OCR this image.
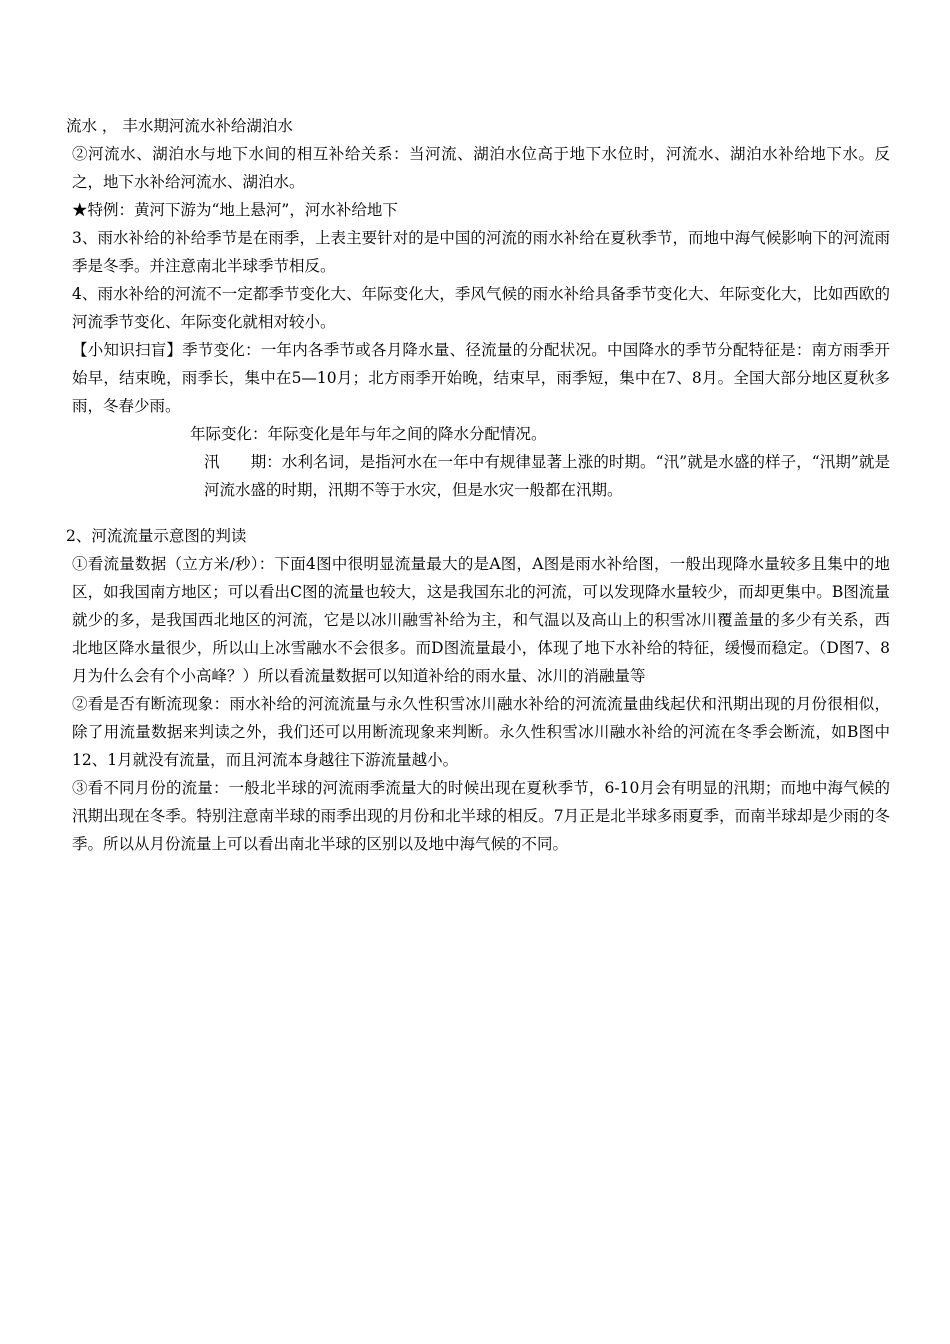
流水 ， 丰水期河流水补给湖泊水

②河流水、湖泊水与地下水间的相互补给关系：当河流、湖泊水位高于地下水位时，河流水、湖泊水补给地下水。反之，地下水补给河流水、湖泊水。

★特例：黄河下游为“地上悬河”，河水补给地下

3、雨水补给的补给季节是在雨季，上表主要针对的是中国的河流的雨水补给在夏秋季节，而地中海气候影响下的河流雨季是冬季。并注意南北半球季节相反。

4、雨水补给的河流不一定都季节变化大、年际变化大，季风气候的雨水补给具备季节变化大、年际变化大，比如西欧的河流季节变化、年际变化就相对较小。

【小知识扫盲】季节变化：一年内各季节或各月降水量、径流量的分配状况。中国降水的季节分配特征是：南方雨季开始早，结束晚，雨季长，集中在5—10月；北方雨季开始晚，结束早，雨季短，集中在7、8月。全国大部分地区夏秋多雨，冬春少雨。

年际变化：年际变化是年与年之间的降水分配情况。

汛　　期：水利名词，是指河水在一年中有规律显著上涨的时期。“汛”就是水盛的样子，“汛期”就是河流水盛的时期，汛期不等于水灾，但是水灾一般都在汛期。

2、河流流量示意图的判读

①看流量数据（立方米/秒）：下面4图中很明显流量最大的是A图，A图是雨水补给图，一般出现降水量较多且集中的地区，如我国南方地区；可以看出C图的流量也较大，这是我国东北的河流，可以发现降水量较少，而却更集中。B图流量就少的多，是我国西北地区的河流，它是以冰川融雪补给为主，和气温以及高山上的积雪冰川覆盖量的多少有关系，西北地区降水量很少，所以山上冰雪融水不会很多。而D图流量最小，体现了地下水补给的特征，缓慢而稳定。（D图7、8月为什么会有个小高峰？）所以看流量数据可以知道补给的雨水量、冰川的消融量等

②看是否有断流现象：雨水补给的河流流量与永久性积雪冰川融水补给的河流流量曲线起伏和汛期出现的月份很相似，除了用流量数据来判读之外，我们还可以用断流现象来判断。永久性积雪冰川融水补给的河流在冬季会断流，如B图中12、1月就没有流量，而且河流本身越往下游流量越小。

③看不同月份的流量：一般北半球的河流雨季流量大的时候出现在夏秋季节，6-10月会有明显的汛期；而地中海气候的汛期出现在冬季。特别注意南半球的雨季出现的月份和北半球的相反。7月正是北半球多雨夏季，而南半球却是少雨的冬季。所以从月份流量上可以看出南北半球的区别以及地中海气候的不同。
